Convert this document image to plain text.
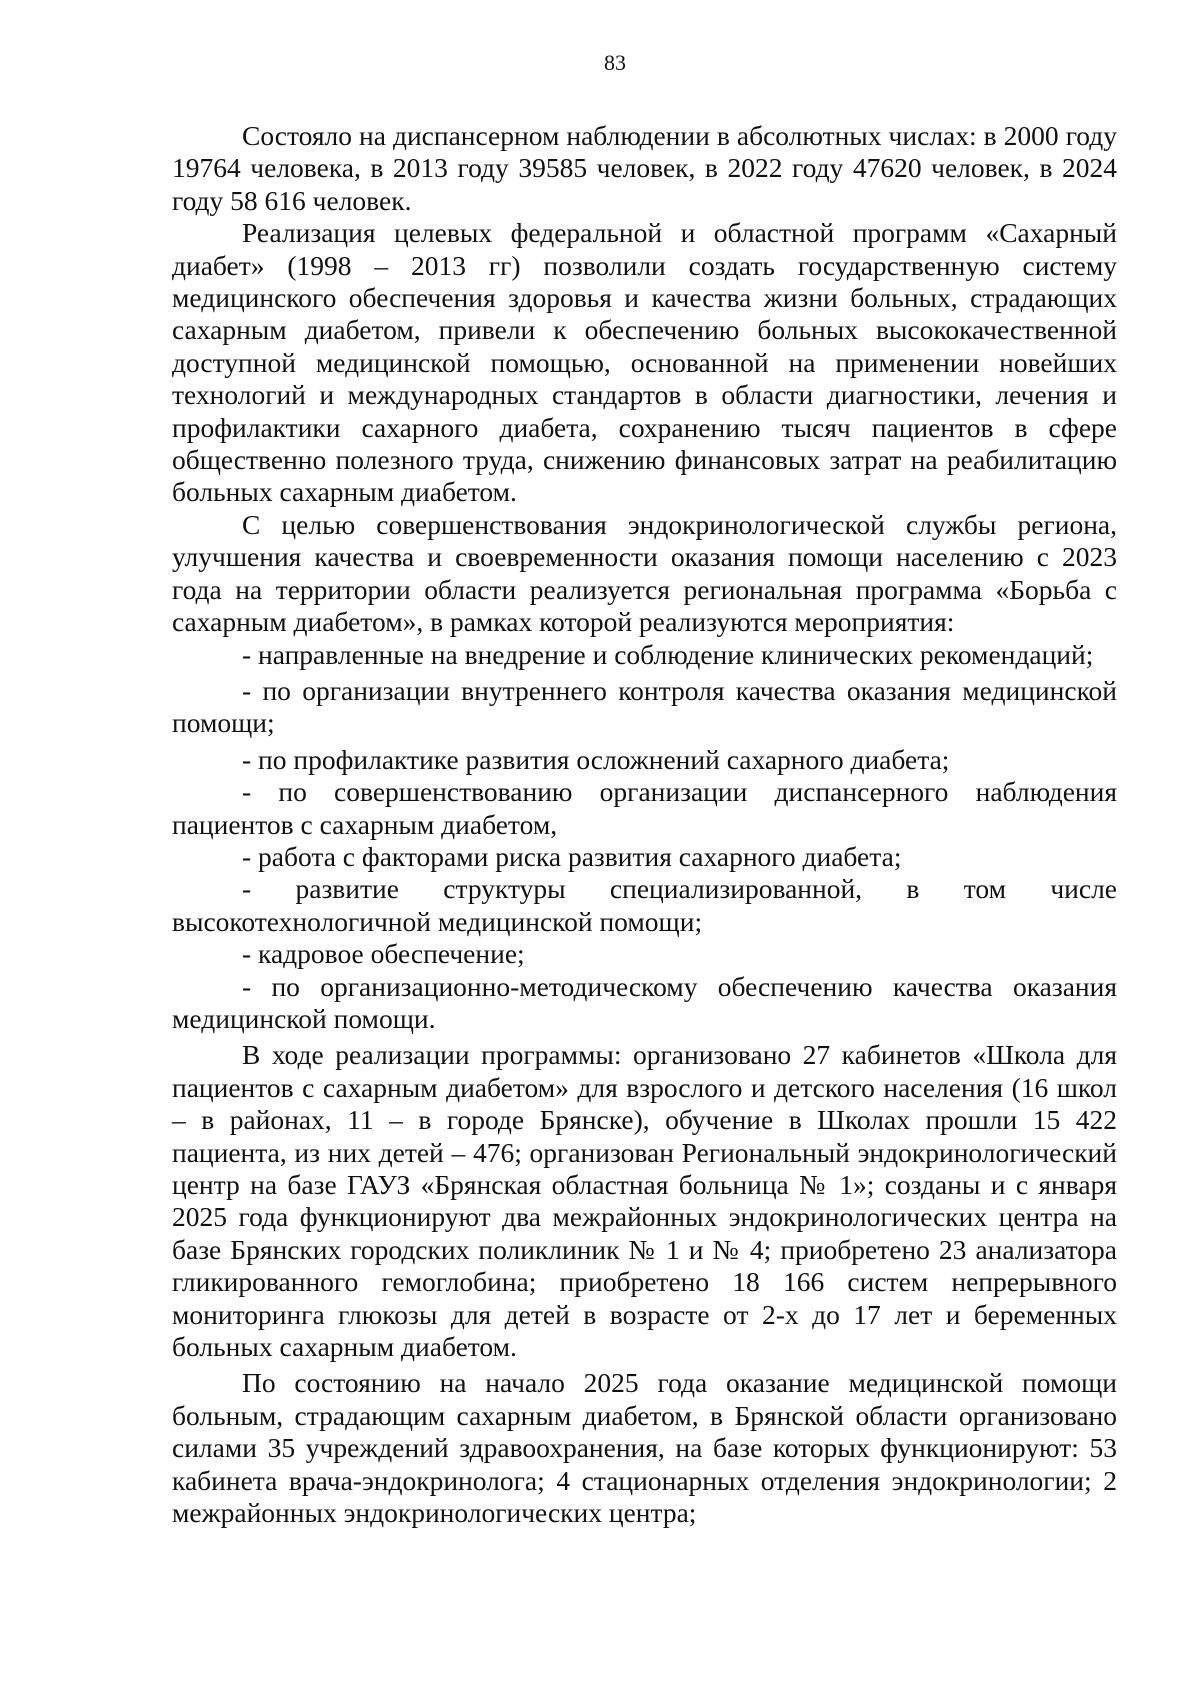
83

Состояло на диспансерном наблюдении в абсолютных числах: в 2000 году 19764 человека, в 2013 году 39585 человек, в 2022 году 47620 человек, в 2024 году 58 616 человек.

Реализация целевых федеральной и областной программ «Сахарный диабет» (1998 – 2013 гг) позволили создать государственную систему медицинского обеспечения здоровья и качества жизни больных, страдающих сахарным диабетом, привели к обеспечению больных высококачественной доступной медицинской помощью, основанной на применении новейших технологий и международных стандартов в области диагностики, лечения и профилактики сахарного диабета, сохранению тысяч пациентов в сфере общественно полезного труда, снижению финансовых затрат на реабилитацию больных сахарным диабетом.

С целью совершенствования эндокринологической службы региона, улучшения качества и своевременности оказания помощи населению с 2023 года на территории области реализуется региональная программа «Борьба с сахарным диабетом», в рамках которой реализуются мероприятия:

- направленные на внедрение и соблюдение клинических рекомендаций;

- по организации внутреннего контроля качества оказания медицинской помощи;

- по профилактике развития осложнений сахарного диабета;

- по совершенствованию организации диспансерного наблюдения пациентов с сахарным диабетом,

- работа с факторами риска развития сахарного диабета;

- развитие структуры специализированной, в том числе высокотехнологичной медицинской помощи;

- кадровое обеспечение;

- по организационно-методическому обеспечению качества оказания медицинской помощи.

В ходе реализации программы: организовано 27 кабинетов «Школа для пациентов с сахарным диабетом» для взрослого и детского населения (16 школ – в районах, 11 – в городе Брянске), обучение в Школах прошли 15 422 пациента, из них детей – 476; организован Региональный эндокринологический центр на базе ГАУЗ «Брянская областная больница № 1»; созданы и с января 2025 года функционируют два межрайонных эндокринологических центра на базе Брянских городских поликлиник № 1 и № 4; приобретено 23 анализатора гликированного гемоглобина; приобретено 18 166 систем непрерывного мониторинга глюкозы для детей в возрасте от 2-х до 17 лет и беременных больных сахарным диабетом.

По состоянию на начало 2025 года оказание медицинской помощи больным, страдающим сахарным диабетом, в Брянской области организовано силами 35 учреждений здравоохранения, на базе которых функционируют: 53 кабинета врача-эндокринолога; 4 стационарных отделения эндокринологии; 2 межрайонных эндокринологических центра;
